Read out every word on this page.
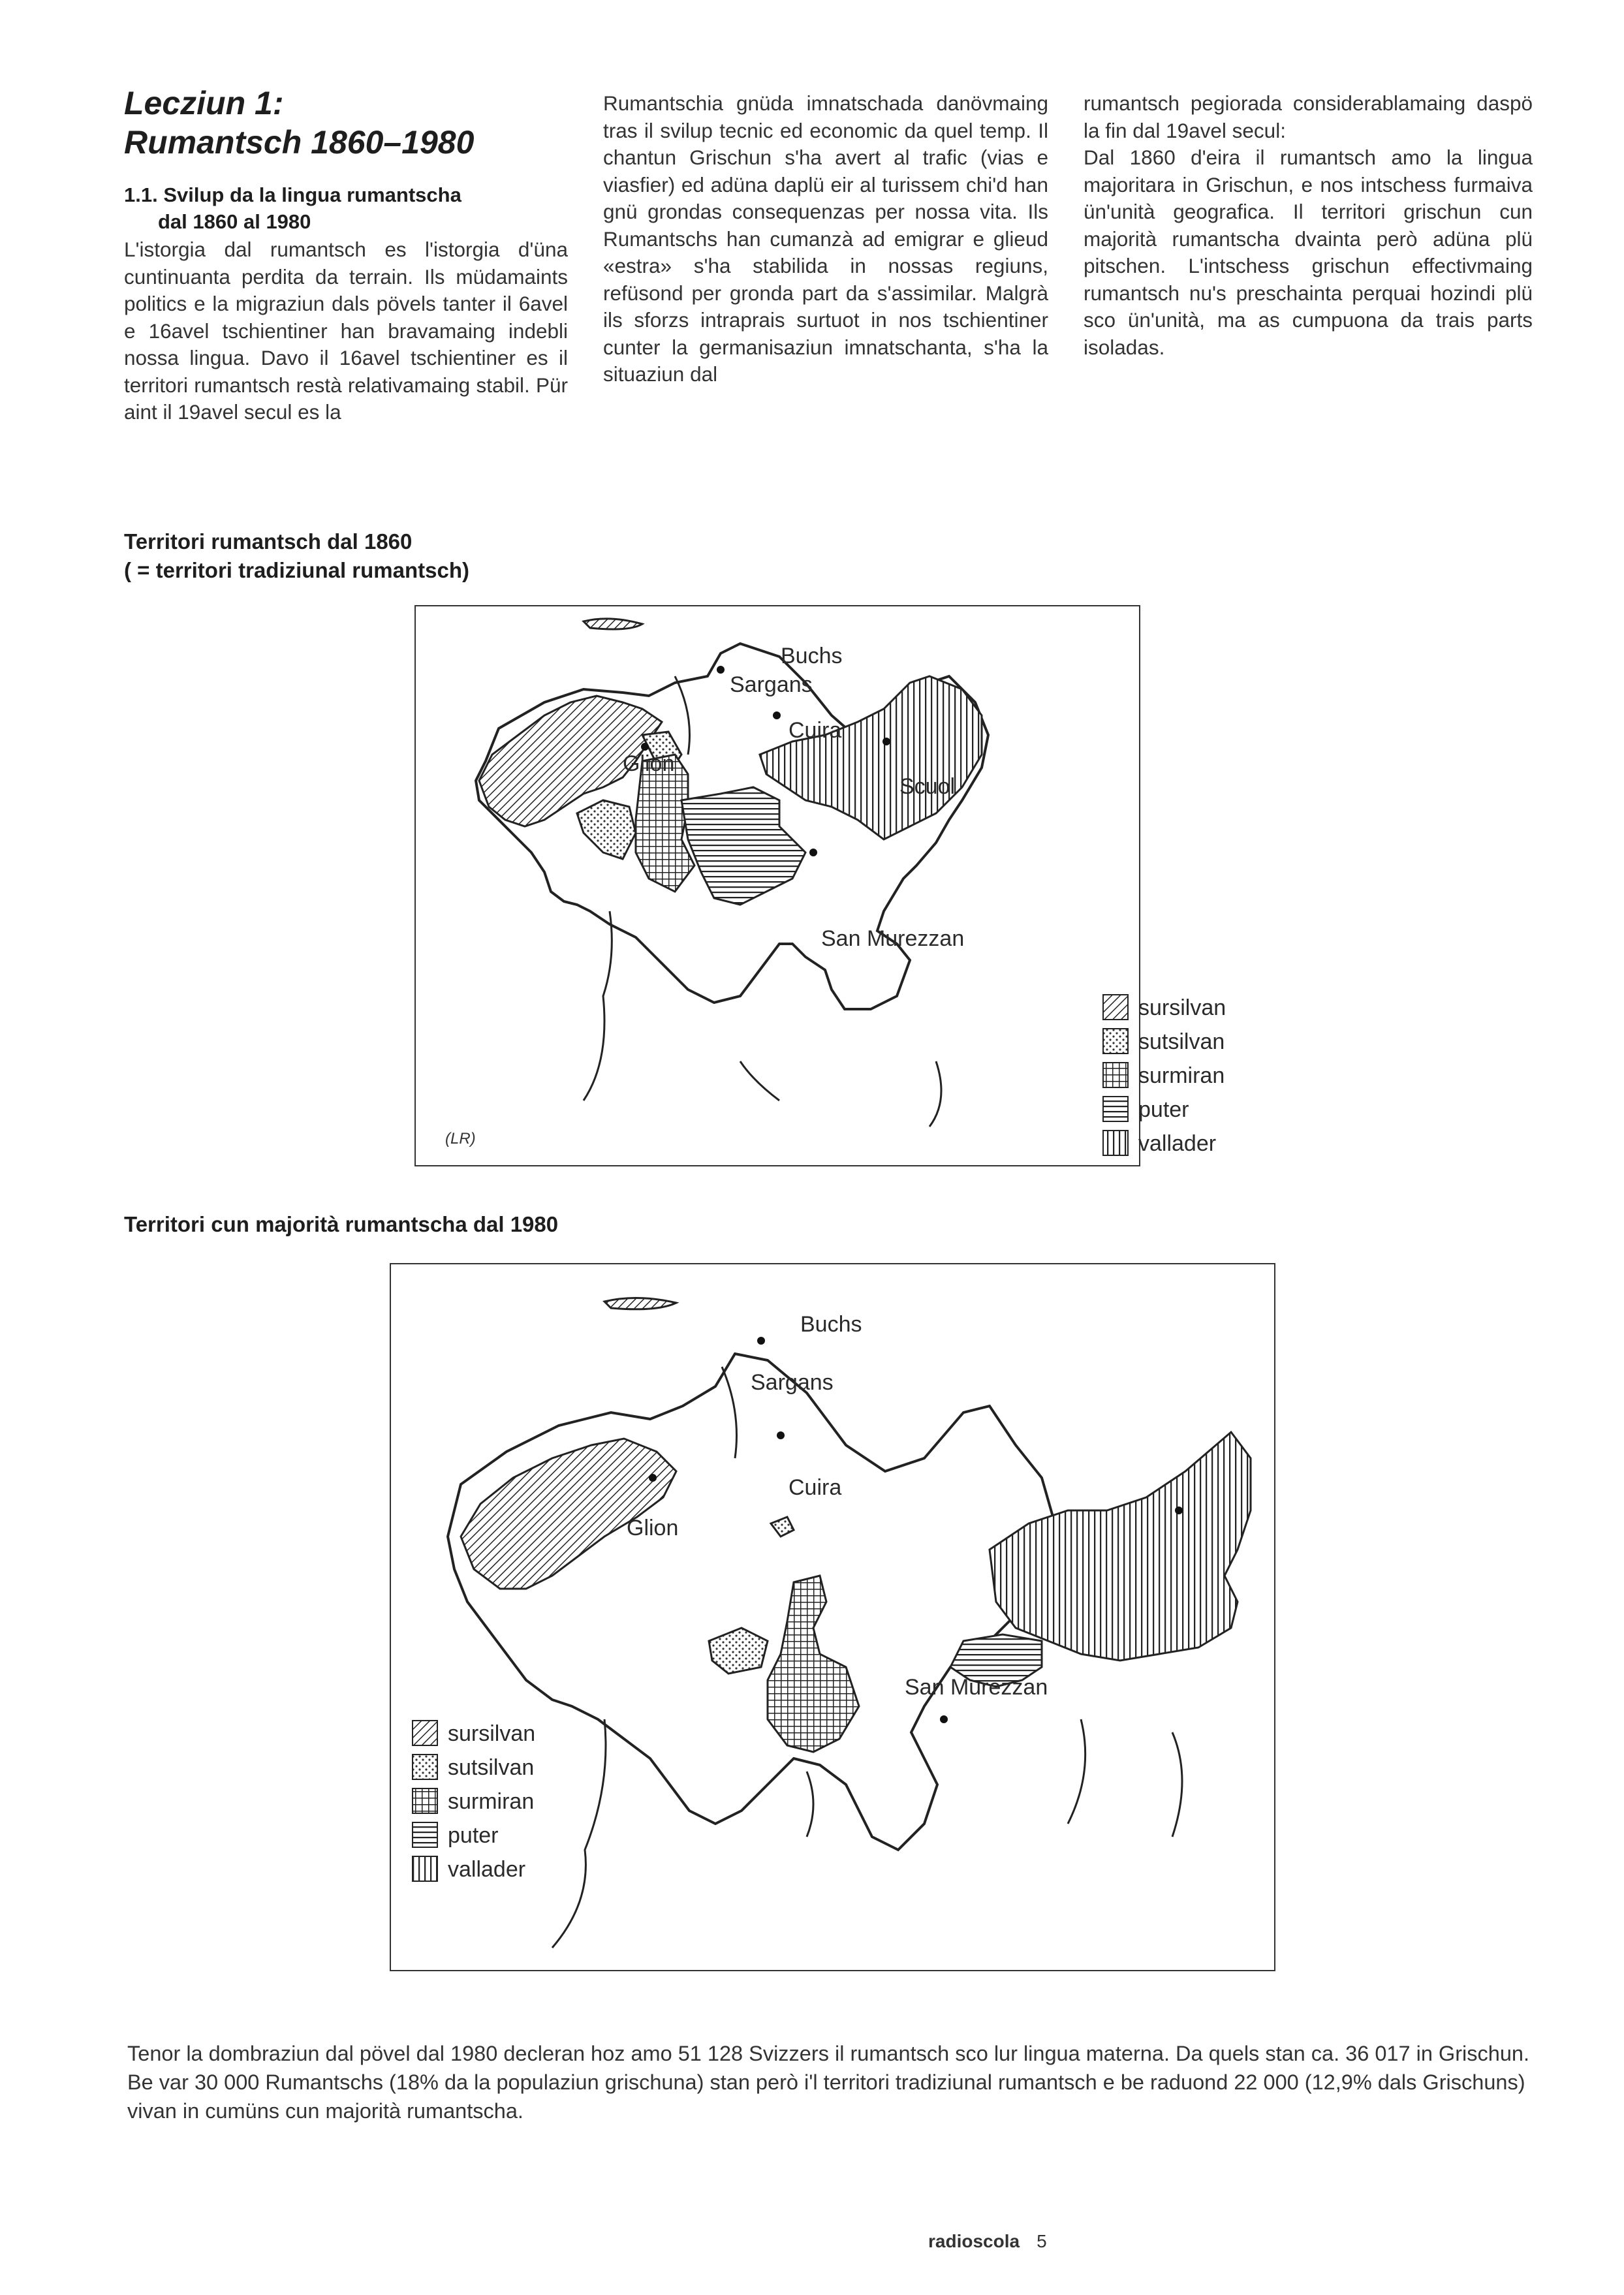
Lecziun 1:
Rumantsch 1860–1980
1.1. Svilup da la lingua rumantscha
dal 1860 al 1980
L'istorgia dal rumantsch es l'istorgia d'üna cuntinuanta perdita da terrain. Ils müdamaints politics e la migraziun dals pövels tanter il 6avel e 16avel tschientiner han bravamaing indebli nossa lingua. Davo il 16avel tschientiner es il territori rumantsch restà relativamaing stabil. Pür aint il 19avel secul es la
Rumantschia gnüda imnatschada danövmaing tras il svilup tecnic ed economic da quel temp. Il chantun Grischun s'ha avert al trafic (vias e viasfier) ed adüna daplü eir al turissem chi'd han gnü grondas consequenzas per nossa vita. Ils Rumantschs han cumanzà ad emigrar e glieud «estra» s'ha stabilida in nossas regiuns, refüsond per gronda part da s'assimilar. Malgrà ils sforzs intraprais surtuot in nos tschientiner cunter la germanisaziun imnatschanta, s'ha la situaziun dal
rumantsch pegiorada considerablamaing daspö la fin dal 19avel secul:
Dal 1860 d'eira il rumantsch amo la lingua majoritara in Grischun, e nos intschess furmaiva ün'unità geografica. Il territori grischun cun majorità rumantscha dvainta però adüna plü pitschen. L'intschess grischun effectivmaing rumantsch nu's preschainta perquai hozindi plü sco ün'unità, ma as cumpuona da trais parts isoladas.
Territori rumantsch dal 1860
( = territori tradiziunal rumantsch)
Buchs
Sargans
Cuira
Glion
Scuol
San Murezzan
(LR)
sursilvan
sutsilvan
surmiran
puter
vallader
Territori cun majorità rumantscha dal 1980
Buchs
Sargans
Cuira
Glion
San Murezzan
sursilvan
sutsilvan
surmiran
puter
vallader
Tenor la dombraziun dal pövel dal 1980 decleran hoz amo 51 128 Svizzers il rumantsch sco lur lingua materna. Da quels stan ca. 36 017 in Grischun. Be var 30 000 Rumantschs (18% da la populaziun grischuna) stan però i'l territori tradiziunal rumantsch e be raduond 22 000 (12,9% dals Grischuns) vivan in cumüns cun majorità rumantscha.
radioscola 5
